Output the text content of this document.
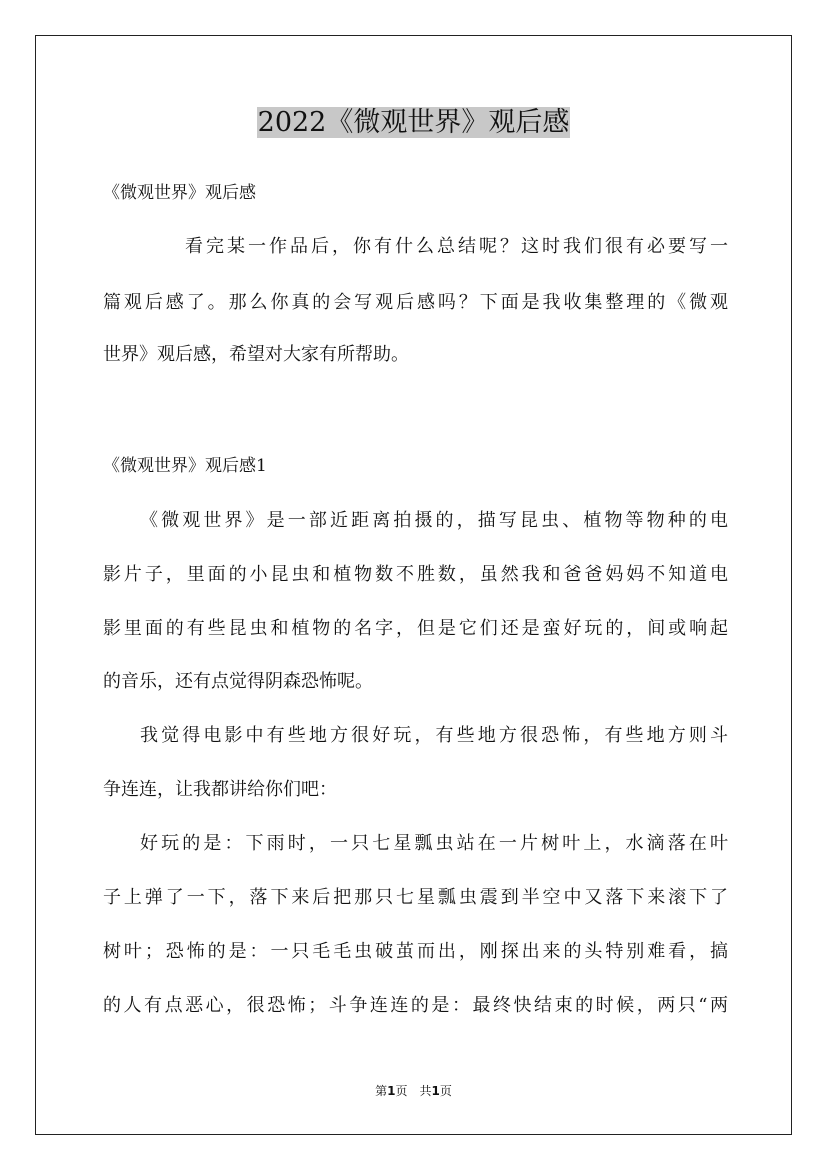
2022《微观世界》观后感

《微观世界》观后感

看完某一作品后，你有什么总结呢？这时我们很有必要写一

篇观后感了。那么你真的会写观后感吗？下面是我收集整理的《微观

世界》观后感，希望对大家有所帮助。

《微观世界》观后感1

《微观世界》是一部近距离拍摄的，描写昆虫、植物等物种的电

影片子，里面的小昆虫和植物数不胜数，虽然我和爸爸妈妈不知道电

影里面的有些昆虫和植物的名字，但是它们还是蛮好玩的，间或响起

的音乐，还有点觉得阴森恐怖呢。

我觉得电影中有些地方很好玩，有些地方很恐怖，有些地方则斗

争连连，让我都讲给你们吧：

好玩的是：下雨时，一只七星瓢虫站在一片树叶上，水滴落在叶

子上弹了一下，落下来后把那只七星瓢虫震到半空中又落下来滚下了

树叶；恐怖的是：一只毛毛虫破茧而出，刚探出来的头特别难看，搞

的人有点恶心，很恐怖；斗争连连的是：最终快结束的时候，两只“两

第1页　共1页
